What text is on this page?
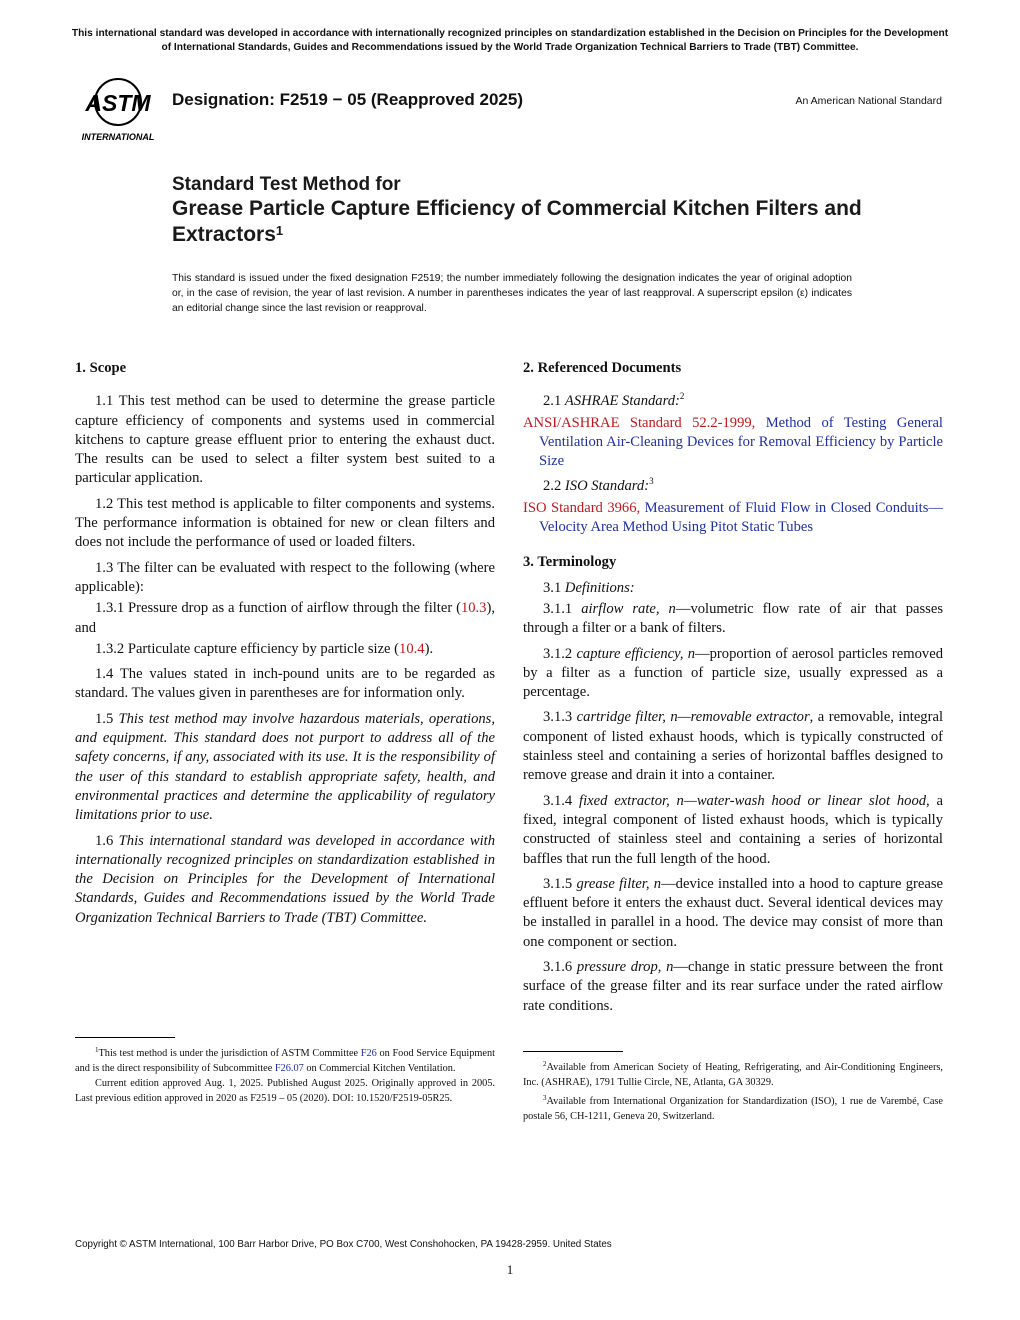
This international standard was developed in accordance with internationally recognized principles on standardization established in the Decision on Principles for the Development of International Standards, Guides and Recommendations issued by the World Trade Organization Technical Barriers to Trade (TBT) Committee.
ASTM
INTERNATIONAL
Designation: F2519 − 05 (Reapproved 2025)	An American National Standard
Standard Test Method for
Grease Particle Capture Efficiency of Commercial Kitchen Filters and Extractors$^1$
This standard is issued under the fixed designation F2519; the number immediately following the designation indicates the year of original adoption or, in the case of revision, the year of last revision. A number in parentheses indicates the year of last reapproval. A superscript epsilon (ε) indicates an editorial change since the last revision or reapproval.

1. Scope

1.1 This test method can be used to determine the grease particle capture efficiency of components and systems used in commercial kitchens to capture grease effluent prior to entering the exhaust duct. The results can be used to select a filter system best suited to a particular application.

1.2 This test method is applicable to filter components and systems. The performance information is obtained for new or clean filters and does not include the performance of used or loaded filters.

1.3 The filter can be evaluated with respect to the following (where applicable):

1.3.1 Pressure drop as a function of airflow through the filter (10.3), and

1.3.2 Particulate capture efficiency by particle size (10.4).

1.4 The values stated in inch-pound units are to be regarded as standard. The values given in parentheses are for information only.

1.5 This test method may involve hazardous materials, operations, and equipment. This standard does not purport to address all of the safety concerns, if any, associated with its use. It is the responsibility of the user of this standard to establish appropriate safety, health, and environmental practices and determine the applicability of regulatory limitations prior to use.

1.6 This international standard was developed in accordance with internationally recognized principles on standardization established in the Decision on Principles for the Development of International Standards, Guides and Recommendations issued by the World Trade Organization Technical Barriers to Trade (TBT) Committee.

2. Referenced Documents

2.1 ASHRAE Standard:$^2$

ANSI/ASHRAE Standard 52.2-1999, Method of Testing General Ventilation Air-Cleaning Devices for Removal Efficiency by Particle Size

2.2 ISO Standard:$^3$

ISO Standard 3966, Measurement of Fluid Flow in Closed Conduits—Velocity Area Method Using Pitot Static Tubes

3. Terminology

3.1 Definitions:

3.1.1 airflow rate, n—volumetric flow rate of air that passes through a filter or a bank of filters.

3.1.2 capture efficiency, n—proportion of aerosol particles removed by a filter as a function of particle size, usually expressed as a percentage.

3.1.3 cartridge filter, n—removable extractor, a removable, integral component of listed exhaust hoods, which is typically constructed of stainless steel and containing a series of horizontal baffles designed to remove grease and drain it into a container.

3.1.4 fixed extractor, n—water-wash hood or linear slot hood, a fixed, integral component of listed exhaust hoods, which is typically constructed of stainless steel and containing a series of horizontal baffles that run the full length of the hood.

3.1.5 grease filter, n—device installed into a hood to capture grease effluent before it enters the exhaust duct. Several identical devices may be installed in parallel in a hood. The device may consist of more than one component or section.

3.1.6 pressure drop, n—change in static pressure between the front surface of the grease filter and its rear surface under the rated airflow rate conditions.

$^1$This test method is under the jurisdiction of ASTM Committee F26 on Food Service Equipment and is the direct responsibility of Subcommittee F26.07 on Commercial Kitchen Ventilation.

Current edition approved Aug. 1, 2025. Published August 2025. Originally approved in 2005. Last previous edition approved in 2020 as F2519 – 05 (2020). DOI: 10.1520/F2519-05R25.

$^2$Available from American Society of Heating, Refrigerating, and Air-Conditioning Engineers, Inc. (ASHRAE), 1791 Tullie Circle, NE, Atlanta, GA 30329.

$^3$Available from International Organization for Standardization (ISO), 1 rue de Varembé, Case postale 56, CH-1211, Geneva 20, Switzerland.

Copyright © ASTM International, 100 Barr Harbor Drive, PO Box C700, West Conshohocken, PA 19428-2959. United States
1
